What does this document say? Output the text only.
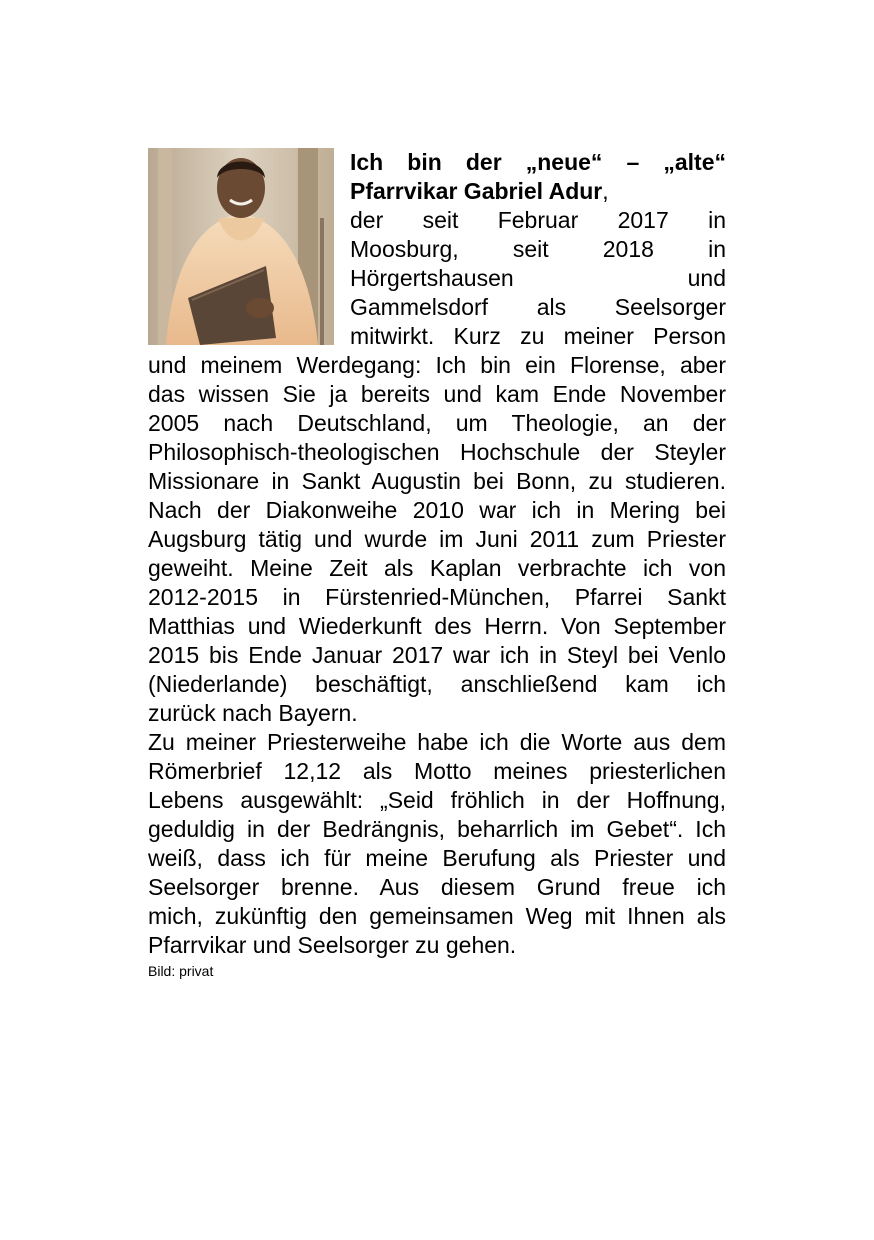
Ich bin der „neue“ – „alte“
Pfarrvikar Gabriel Adur,
der seit Februar 2017 in
Moosburg, seit 2018 in
Hörgertshausen und
Gammelsdorf als Seelsorger
mitwirkt. Kurz zu meiner Person
und meinem Werdegang: Ich bin ein Florense, aber
das wissen Sie ja bereits und kam Ende November
2005 nach Deutschland, um Theologie, an der
Philosophisch-theologischen Hochschule der Steyler
Missionare in Sankt Augustin bei Bonn, zu studieren.
Nach der Diakonweihe 2010 war ich in Mering bei
Augsburg tätig und wurde im Juni 2011 zum Priester
geweiht. Meine Zeit als Kaplan verbrachte ich von
2012-2015 in Fürstenried-München, Pfarrei Sankt
Matthias und Wiederkunft des Herrn. Von September
2015 bis Ende Januar 2017 war ich in Steyl bei Venlo
(Niederlande) beschäftigt, anschließend kam ich
zurück nach Bayern.
Zu meiner Priesterweihe habe ich die Worte aus dem
Römerbrief 12,12 als Motto meines priesterlichen
Lebens ausgewählt: „Seid fröhlich in der Hoffnung,
geduldig in der Bedrängnis, beharrlich im Gebet“. Ich
weiß, dass ich für meine Berufung als Priester und
Seelsorger brenne. Aus diesem Grund freue ich
mich, zukünftig den gemeinsamen Weg mit Ihnen als
Pfarrvikar und Seelsorger zu gehen.
Bild: privat
